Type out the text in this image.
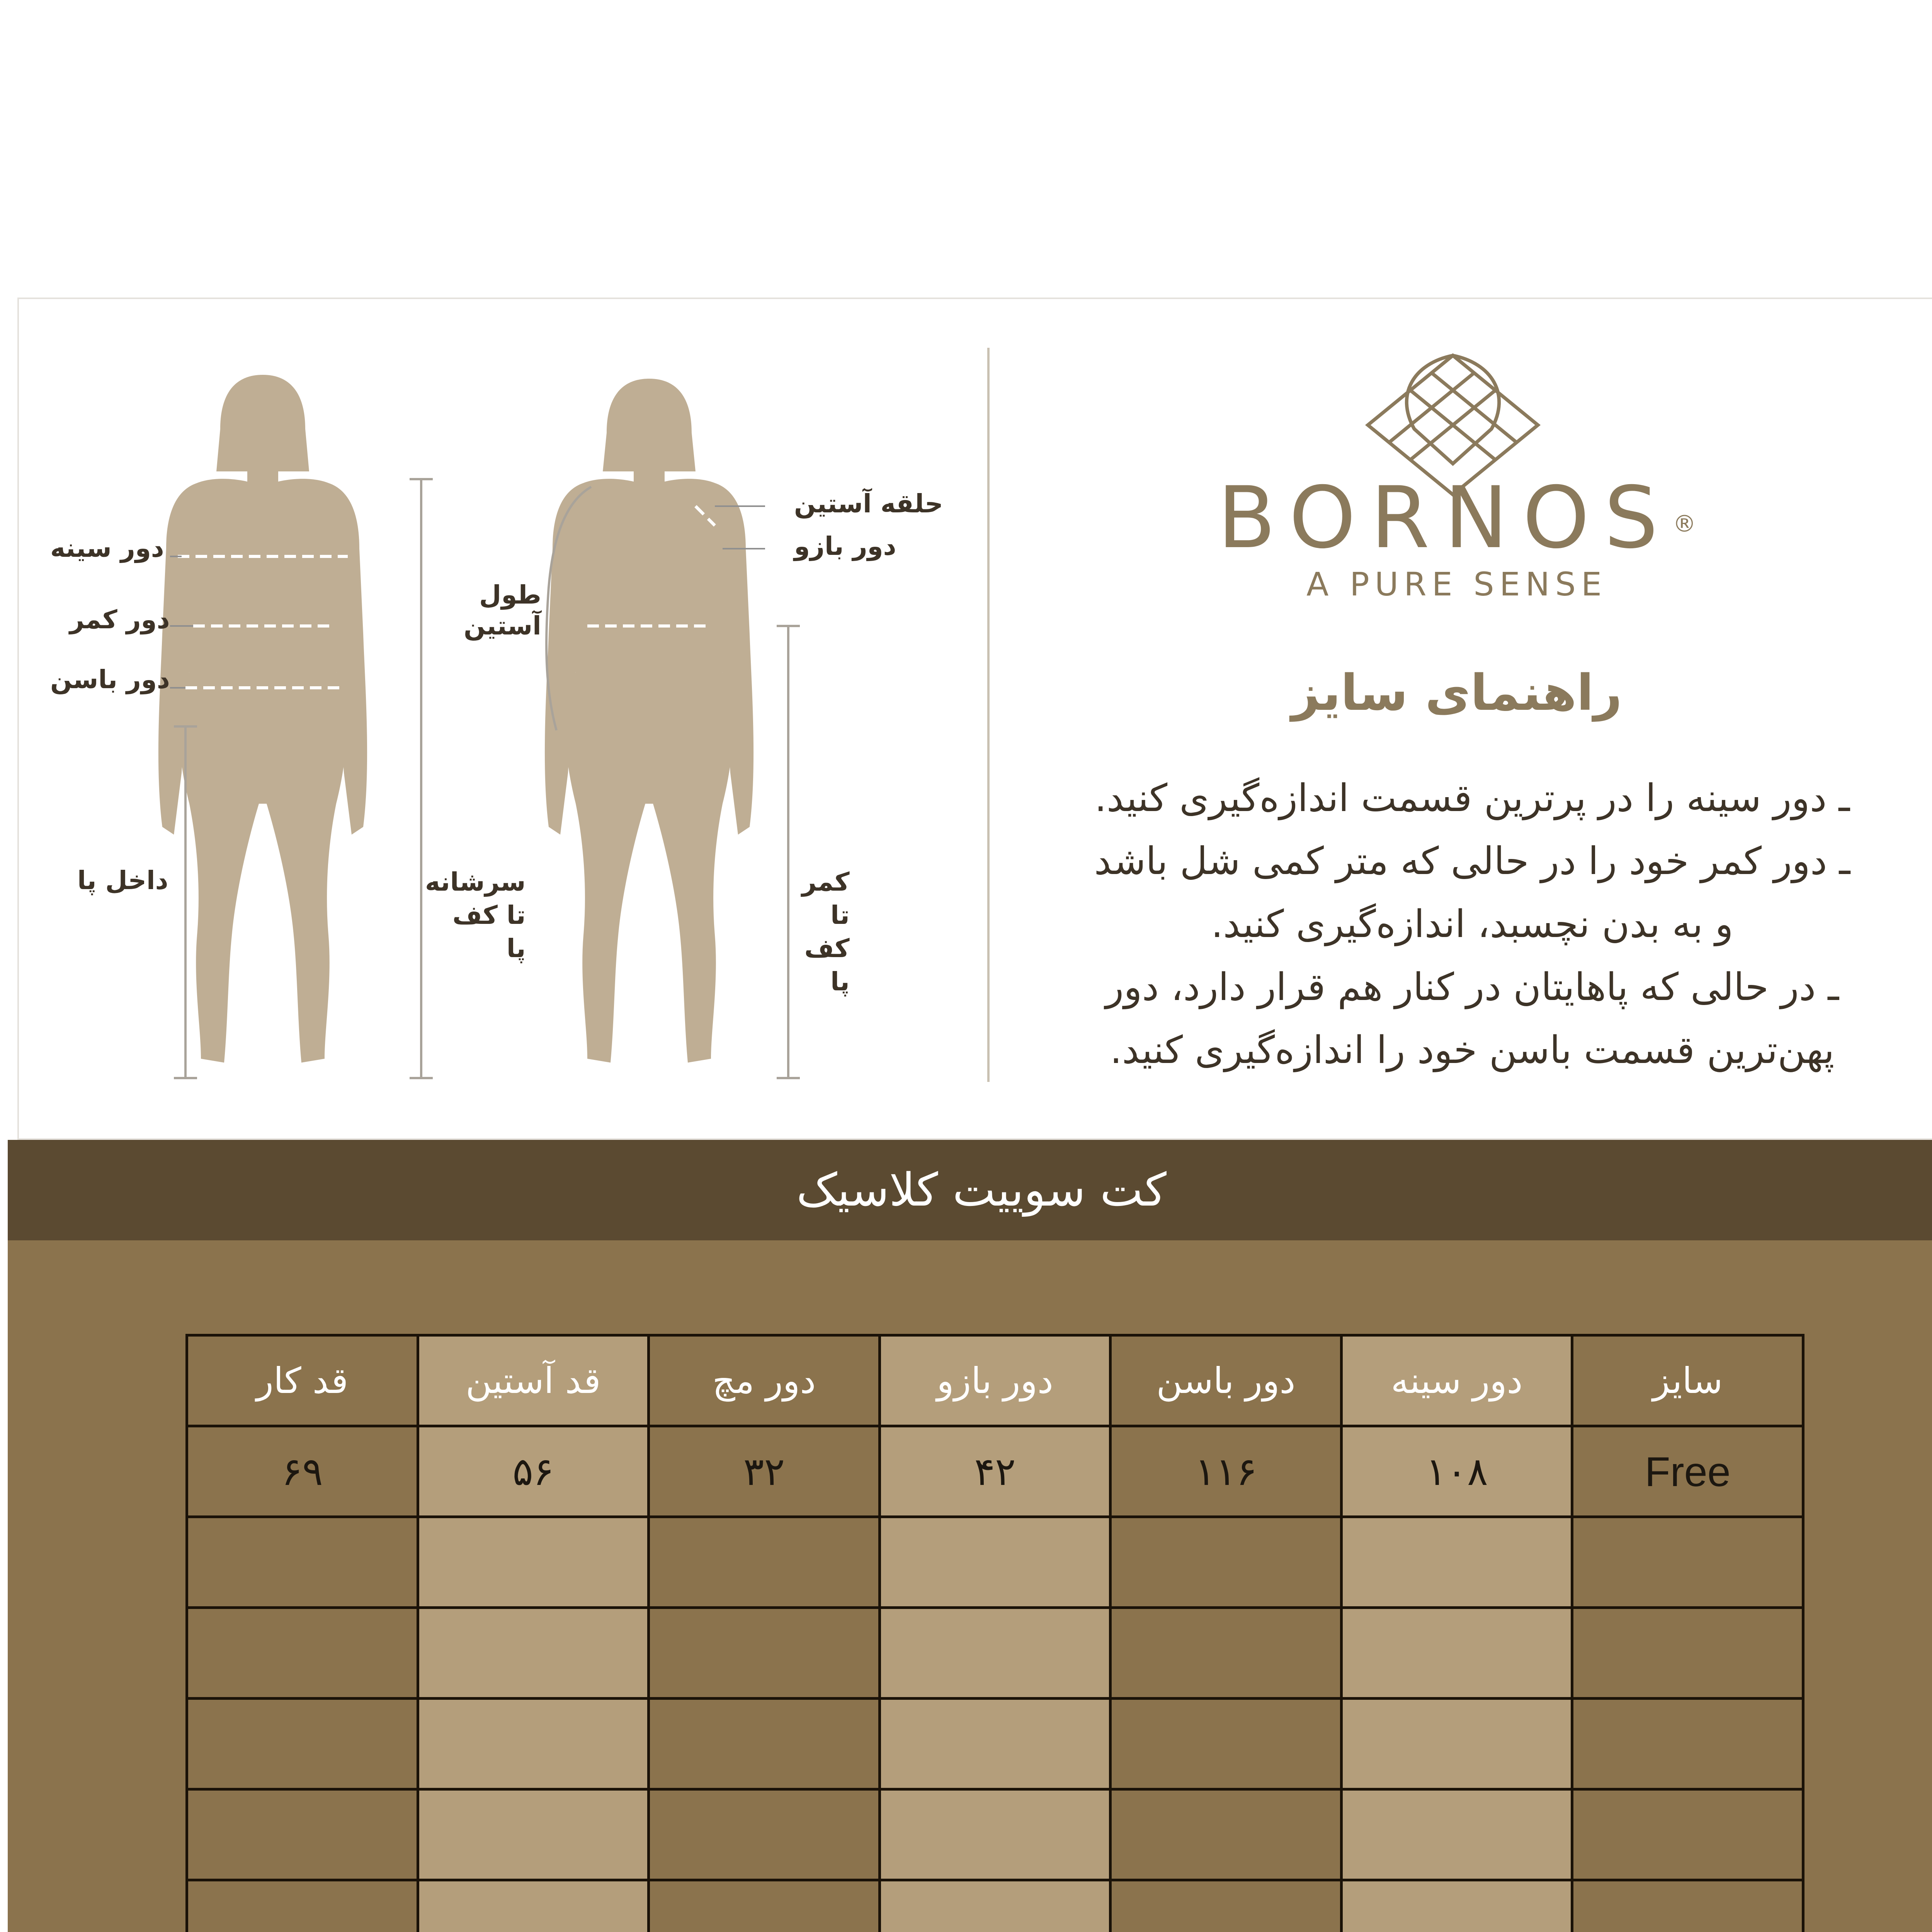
دور سینه
دور کمر
دور باسن
داخل پا	سرشانه
تا کف پا
طول
آستین
حلقه آستین
دور بازو
کمر تا
کف پا
BORNOS®
A PURE SENSE
راهنمای سایز
ـ دور سینه را در پرترین قسمت اندازه‌گیری کنید.
ـ دور کمر خود را در حالی که متر کمی شل باشد
و به بدن نچسبد، اندازه‌گیری کنید.
ـ در حالی که پاهایتان در کنار هم قرار دارد، دور
پهن‌ترین قسمت باسن خود را اندازه‌گیری کنید.
کت سوییت کلاسیک
سایز	دور سینه	دور باسن	دور بازو	دور مچ	قد آستین	قد کار
Free	۱۰۸	۱۱۶	۴۲	۳۲	۵۶	۶۹
